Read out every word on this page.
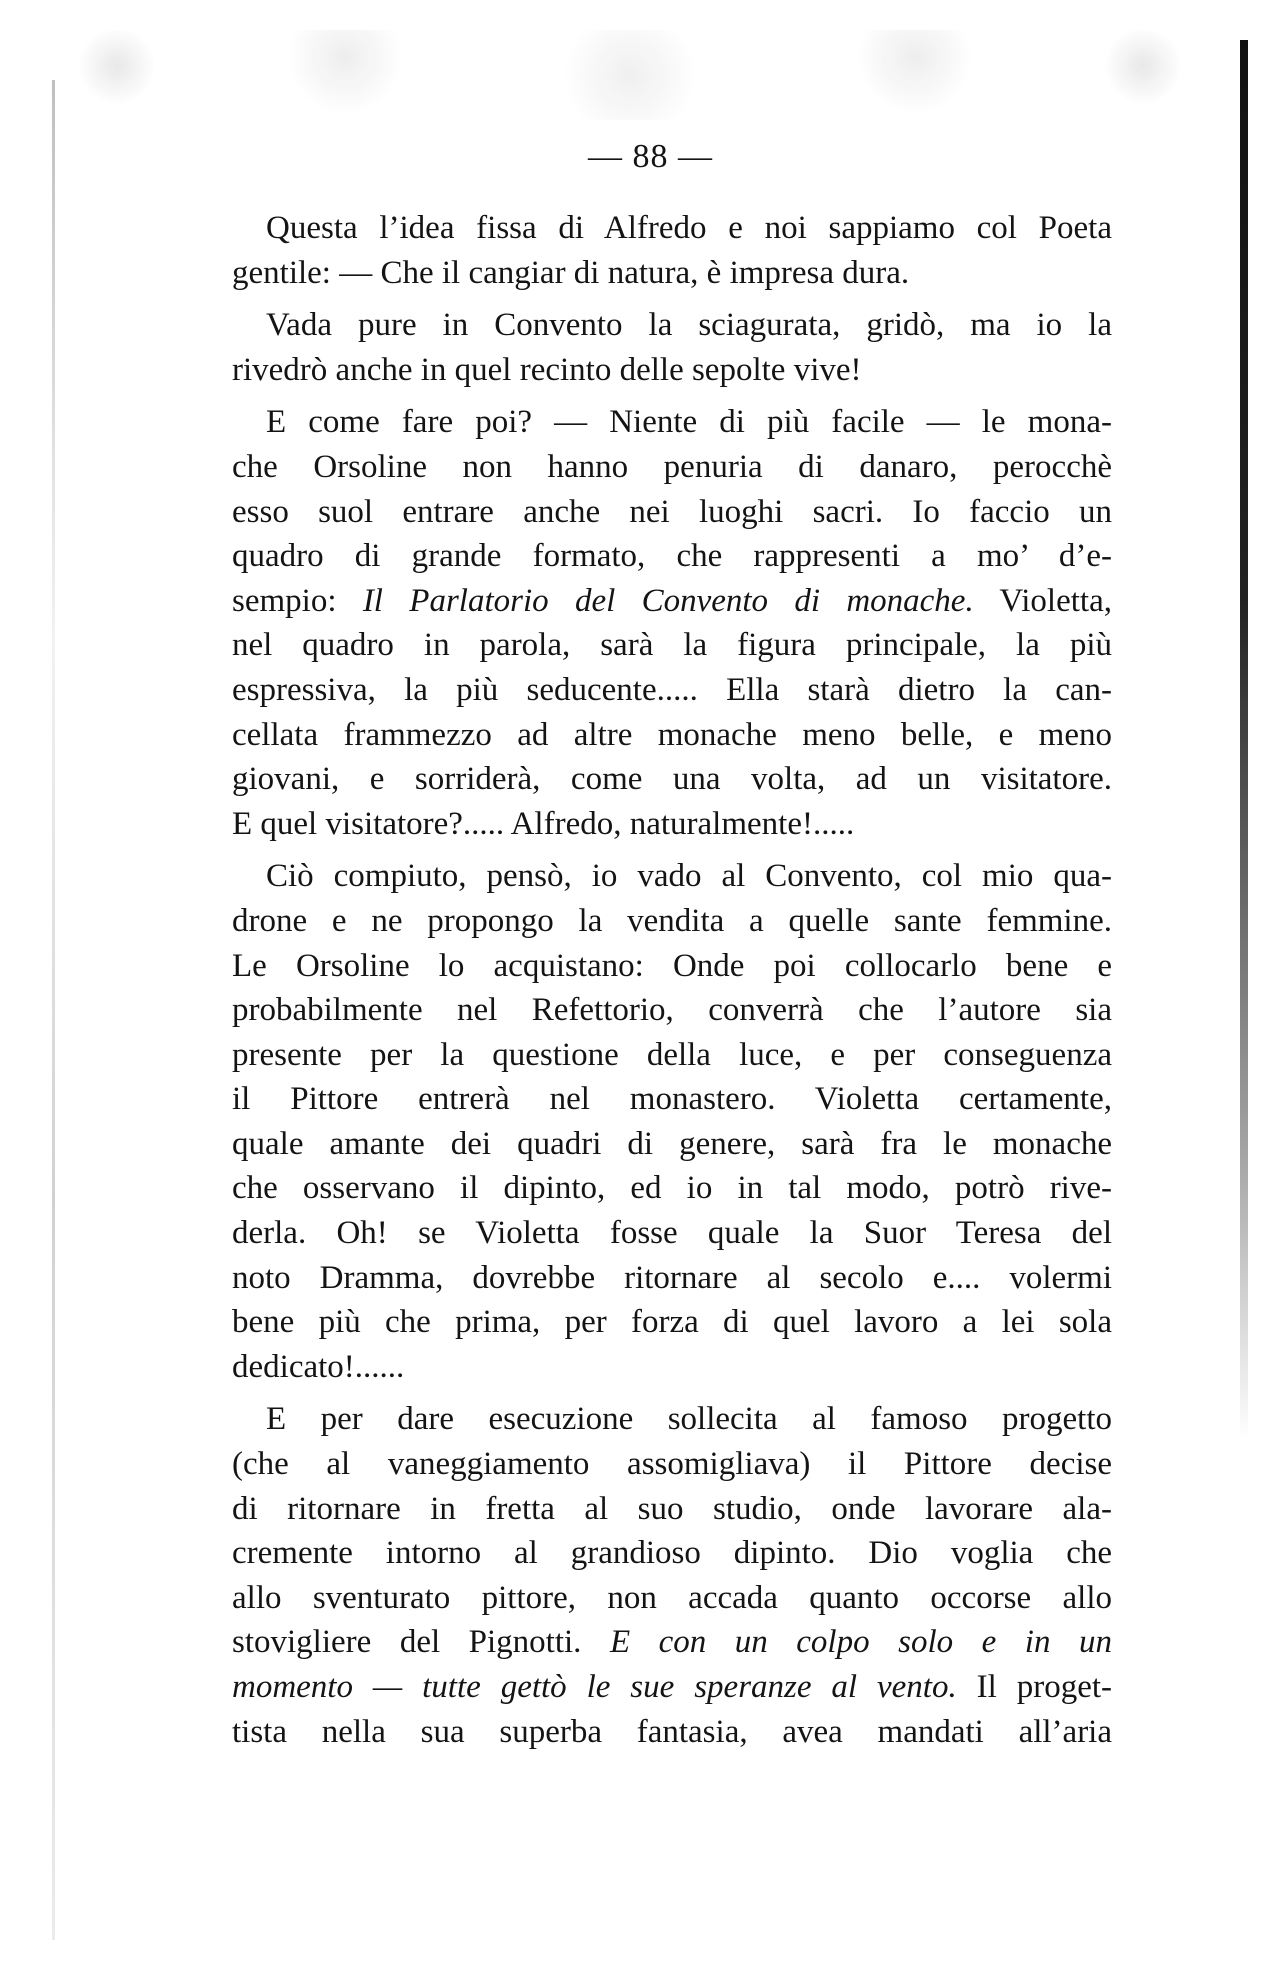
— 88 —

Questa l’idea fissa di Alfredo e noi sappiamo col Poeta
gentile: — Che il cangiar di natura, è impresa dura.

Vada pure in Convento la sciagurata, gridò, ma io la
rivedrò anche in quel recinto delle sepolte vive!

E come fare poi? — Niente di più facile — le mona-
che Orsoline non hanno penuria di danaro, perocchè
esso suol entrare anche nei luoghi sacri. Io faccio un
quadro di grande formato, che rappresenti a mo’ d’e-
sempio: Il Parlatorio del Convento di monache. Violetta,
nel quadro in parola, sarà la figura principale, la più
espressiva, la più seducente..... Ella starà dietro la can-
cellata frammezzo ad altre monache meno belle, e meno
giovani, e sorriderà, come una volta, ad un visitatore.
E quel visitatore?..... Alfredo, naturalmente!.....

Ciò compiuto, pensò, io vado al Convento, col mio qua-
drone e ne propongo la vendita a quelle sante femmine.
Le Orsoline lo acquistano: Onde poi collocarlo bene e
probabilmente nel Refettorio, converrà che l’autore sia
presente per la questione della luce, e per conseguenza
il Pittore entrerà nel monastero. Violetta certamente,
quale amante dei quadri di genere, sarà fra le monache
che osservano il dipinto, ed io in tal modo, potrò rive-
derla. Oh! se Violetta fosse quale la Suor Teresa del
noto Dramma, dovrebbe ritornare al secolo e.... volermi
bene più che prima, per forza di quel lavoro a lei sola
dedicato!......

E per dare esecuzione sollecita al famoso progetto
(che al vaneggiamento assomigliava) il Pittore decise
di ritornare in fretta al suo studio, onde lavorare ala-
cremente intorno al grandioso dipinto. Dio voglia che
allo sventurato pittore, non accada quanto occorse allo
stovigliere del Pignotti. E con un colpo solo e in un
momento — tutte gettò le sue speranze al vento. Il proget-
tista nella sua superba fantasia, avea mandati all’aria
